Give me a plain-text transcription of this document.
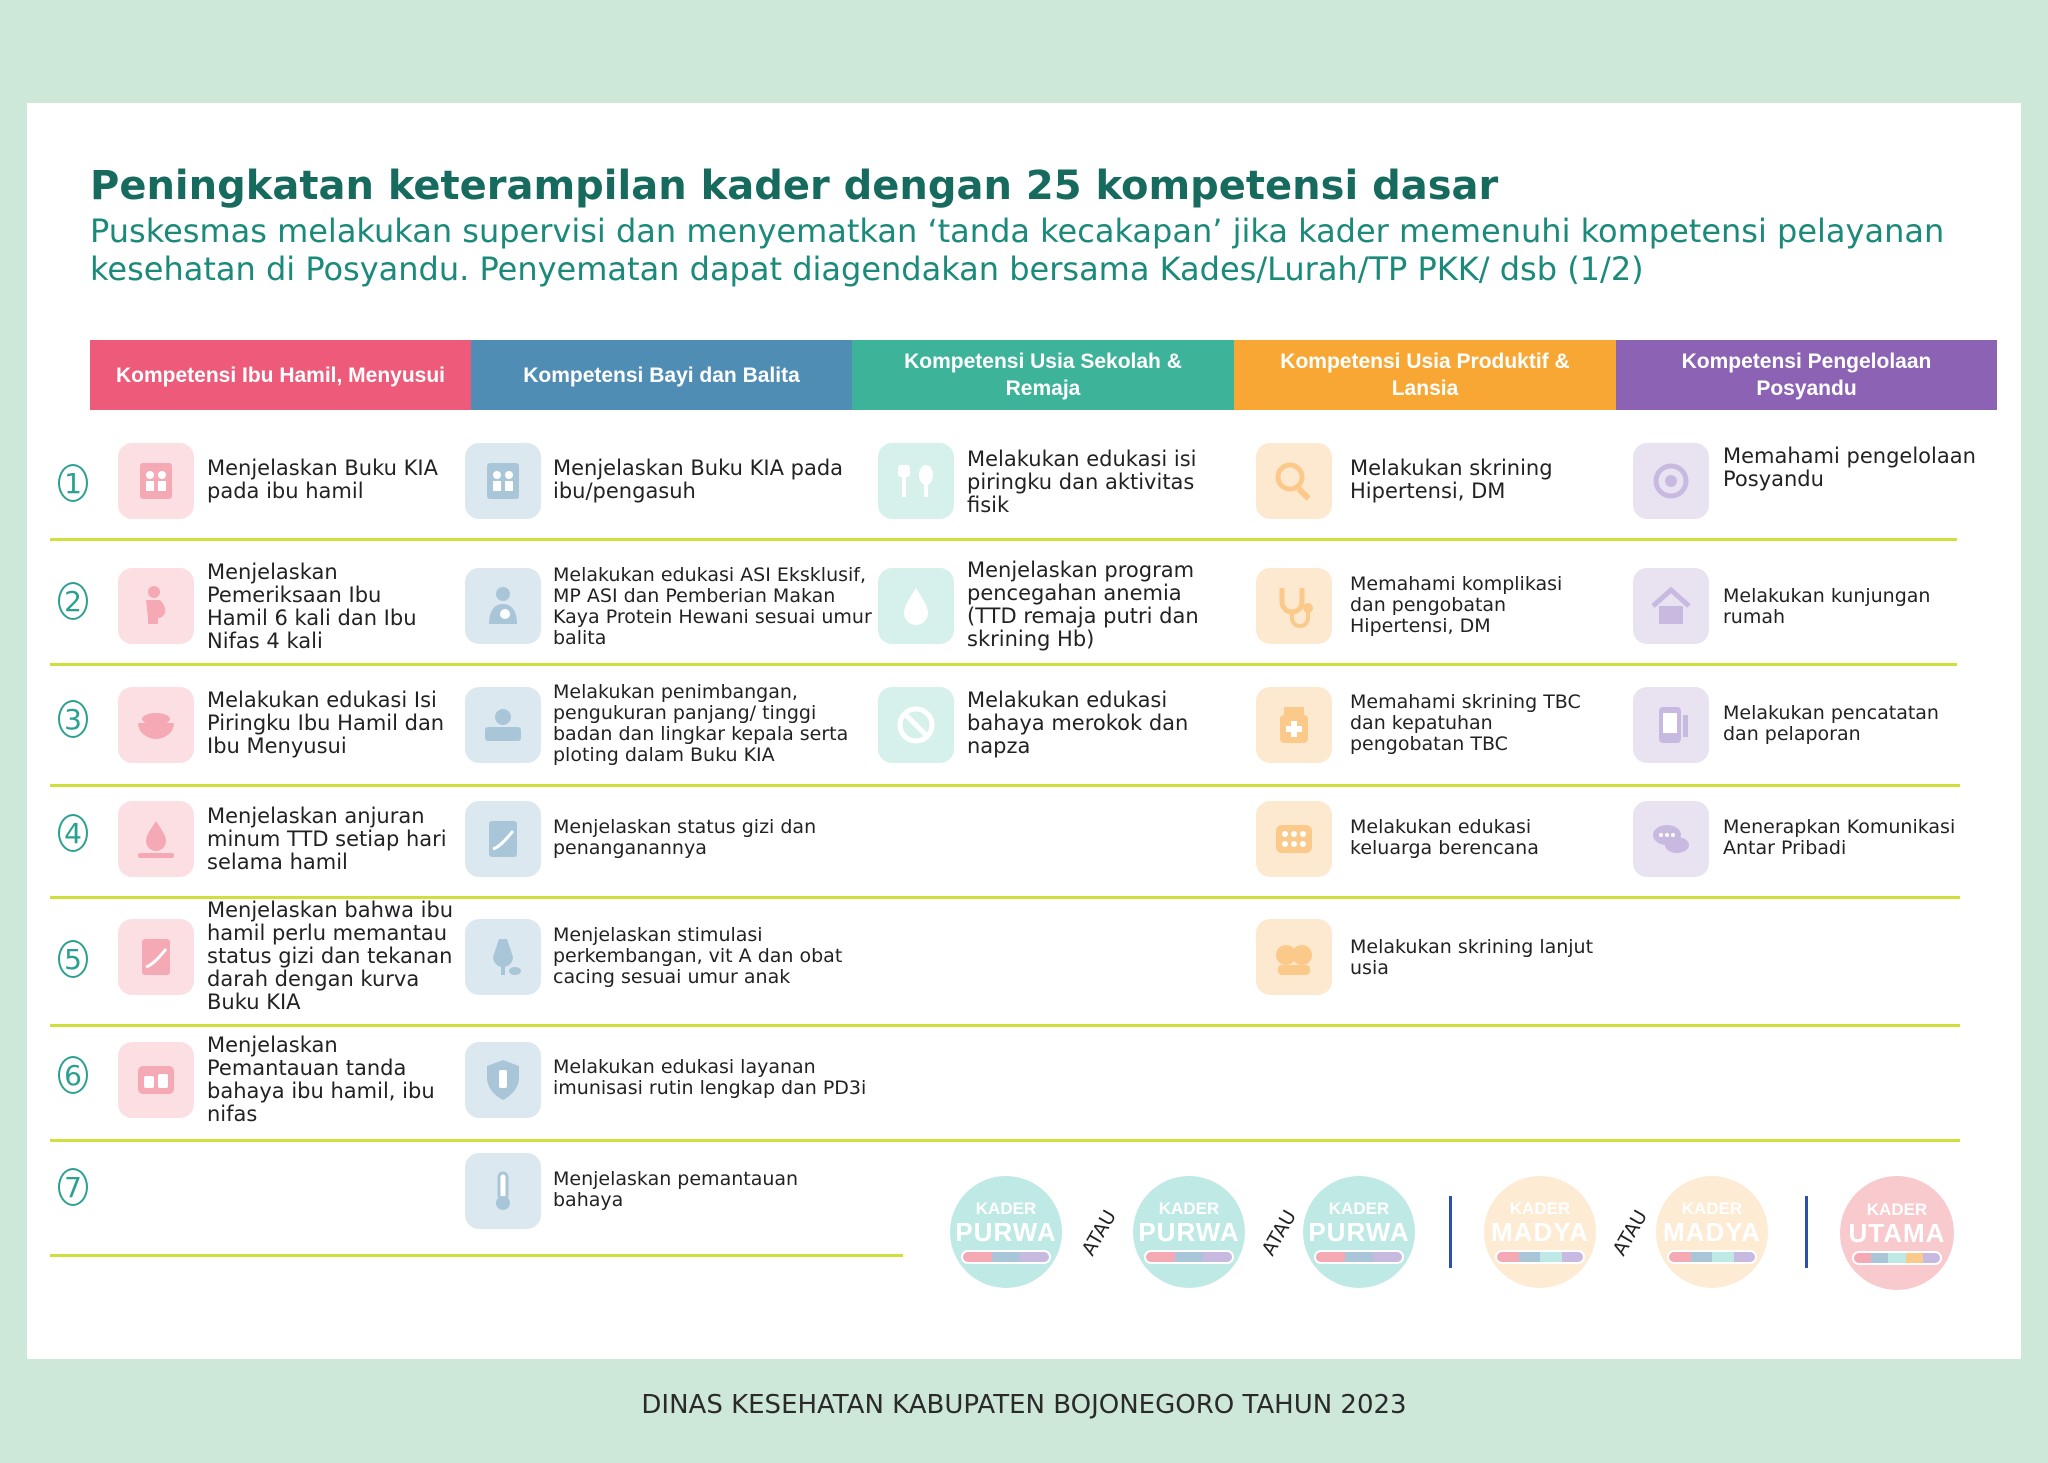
Peningkatan keterampilan kader dengan 25 kompetensi dasar
Puskesmas melakukan supervisi dan menyematkan ‘tanda kecakapan’ jika kader memenuhi kompetensi pelayanan kesehatan di Posyandu. Penyematan dapat diagendakan bersama Kades/Lurah/TP PKK/ dsb (1/2)
Kompetensi Ibu Hamil, Menyusui	Kompetensi Bayi dan Balita
Kompetensi Usia Sekolah & Remaja
Kompetensi Usia Produktif & Lansia
Kompetensi Pengelolaan Posyandu
1
2
3
4
5
6
7
Menjelaskan Buku KIA pada ibu hamil
Menjelaskan Buku KIA pada ibu/pengasuh
Melakukan edukasi isi piringku dan aktivitas fisik
Melakukan skrining Hipertensi, DM
Memahami pengelolaan Posyandu
Menjelaskan Pemeriksaan Ibu Hamil 6 kali dan Ibu Nifas 4 kali
Melakukan edukasi ASI Eksklusif, MP ASI dan Pemberian Makan Kaya Protein Hewani sesuai umur balita
Menjelaskan program pencegahan anemia (TTD remaja putri dan skrining Hb)
Memahami komplikasi dan pengobatan Hipertensi, DM
Melakukan kunjungan rumah
Melakukan edukasi Isi Piringku Ibu Hamil dan Ibu Menyusui
Melakukan penimbangan, pengukuran panjang/ tinggi badan dan lingkar kepala serta ploting dalam Buku KIA
Melakukan edukasi bahaya merokok dan napza
Memahami skrining TBC dan kepatuhan pengobatan TBC
Melakukan pencatatan dan pelaporan
Menjelaskan anjuran minum TTD setiap hari selama hamil
Menjelaskan status gizi dan penanganannya
Melakukan edukasi keluarga berencana
Menerapkan Komunikasi Antar Pribadi
Menjelaskan bahwa ibu hamil perlu memantau status gizi dan tekanan darah dengan kurva Buku KIA
Menjelaskan stimulasi perkembangan, vit A dan obat cacing sesuai umur anak
Melakukan skrining lanjut usia
Menjelaskan Pemantauan tanda bahaya ibu hamil, ibu nifas
Melakukan edukasi layanan imunisasi rutin lengkap dan PD3i
Menjelaskan pemantauan bahaya	KADER
PURWA ATAU KADER
PURWA ATAU KADER
PURWA
KADER
MADYA ATAU KADER
MADYA
KADER
UTAMA
DINAS KESEHATAN KABUPATEN BOJONEGORO TAHUN 2023
